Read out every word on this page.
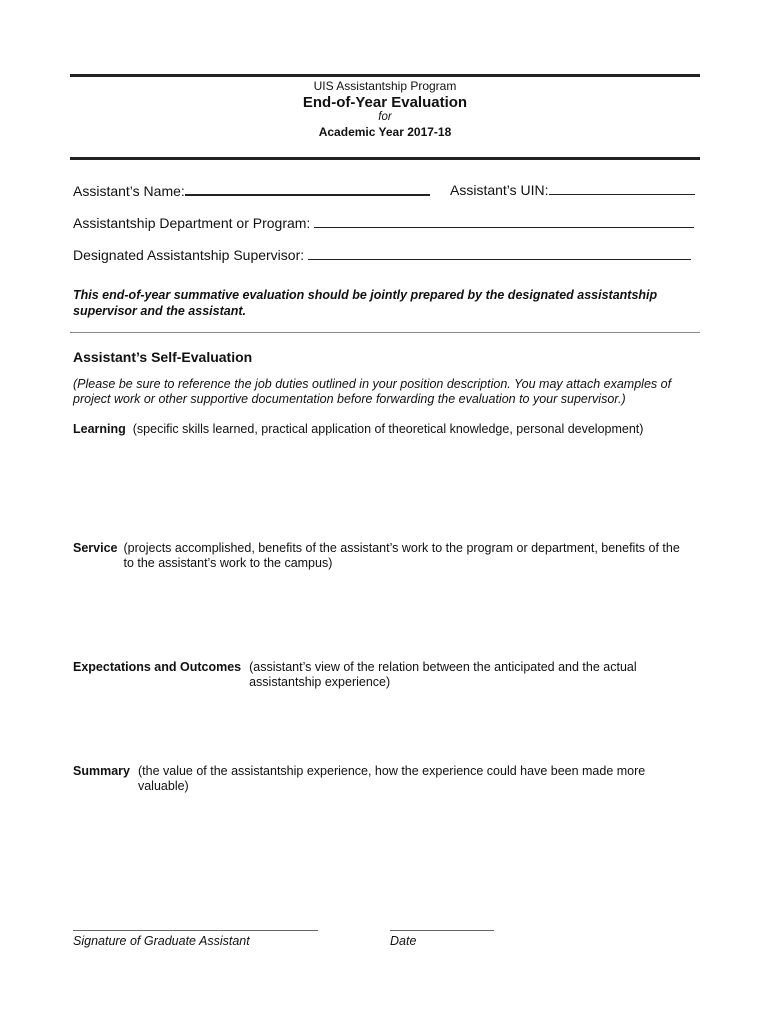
UIS Assistantship Program
End-of-Year Evaluation
for
Academic Year 2017-18
Assistant’s Name:	Assistant’s UIN:
Assistantship Department or Program:
Designated Assistantship Supervisor:
This end-of-year summative evaluation should be jointly prepared by the designated assistantship supervisor and the assistant.
Assistant’s Self-Evaluation
(Please be sure to reference the job duties outlined in your position description. You may attach examples of project work or other supportive documentation before forwarding the evaluation to your supervisor.)
Learning (specific skills learned, practical application of theoretical knowledge, personal development)
Service (projects accomplished, benefits of the assistant’s work to the program or department, benefits of the to the assistant’s work to the campus)
Expectations and Outcomes (assistant’s view of the relation between the anticipated and the actual assistantship experience)
Summary (the value of the assistantship experience, how the experience could have been made more valuable)
Signature of Graduate Assistant	Date
